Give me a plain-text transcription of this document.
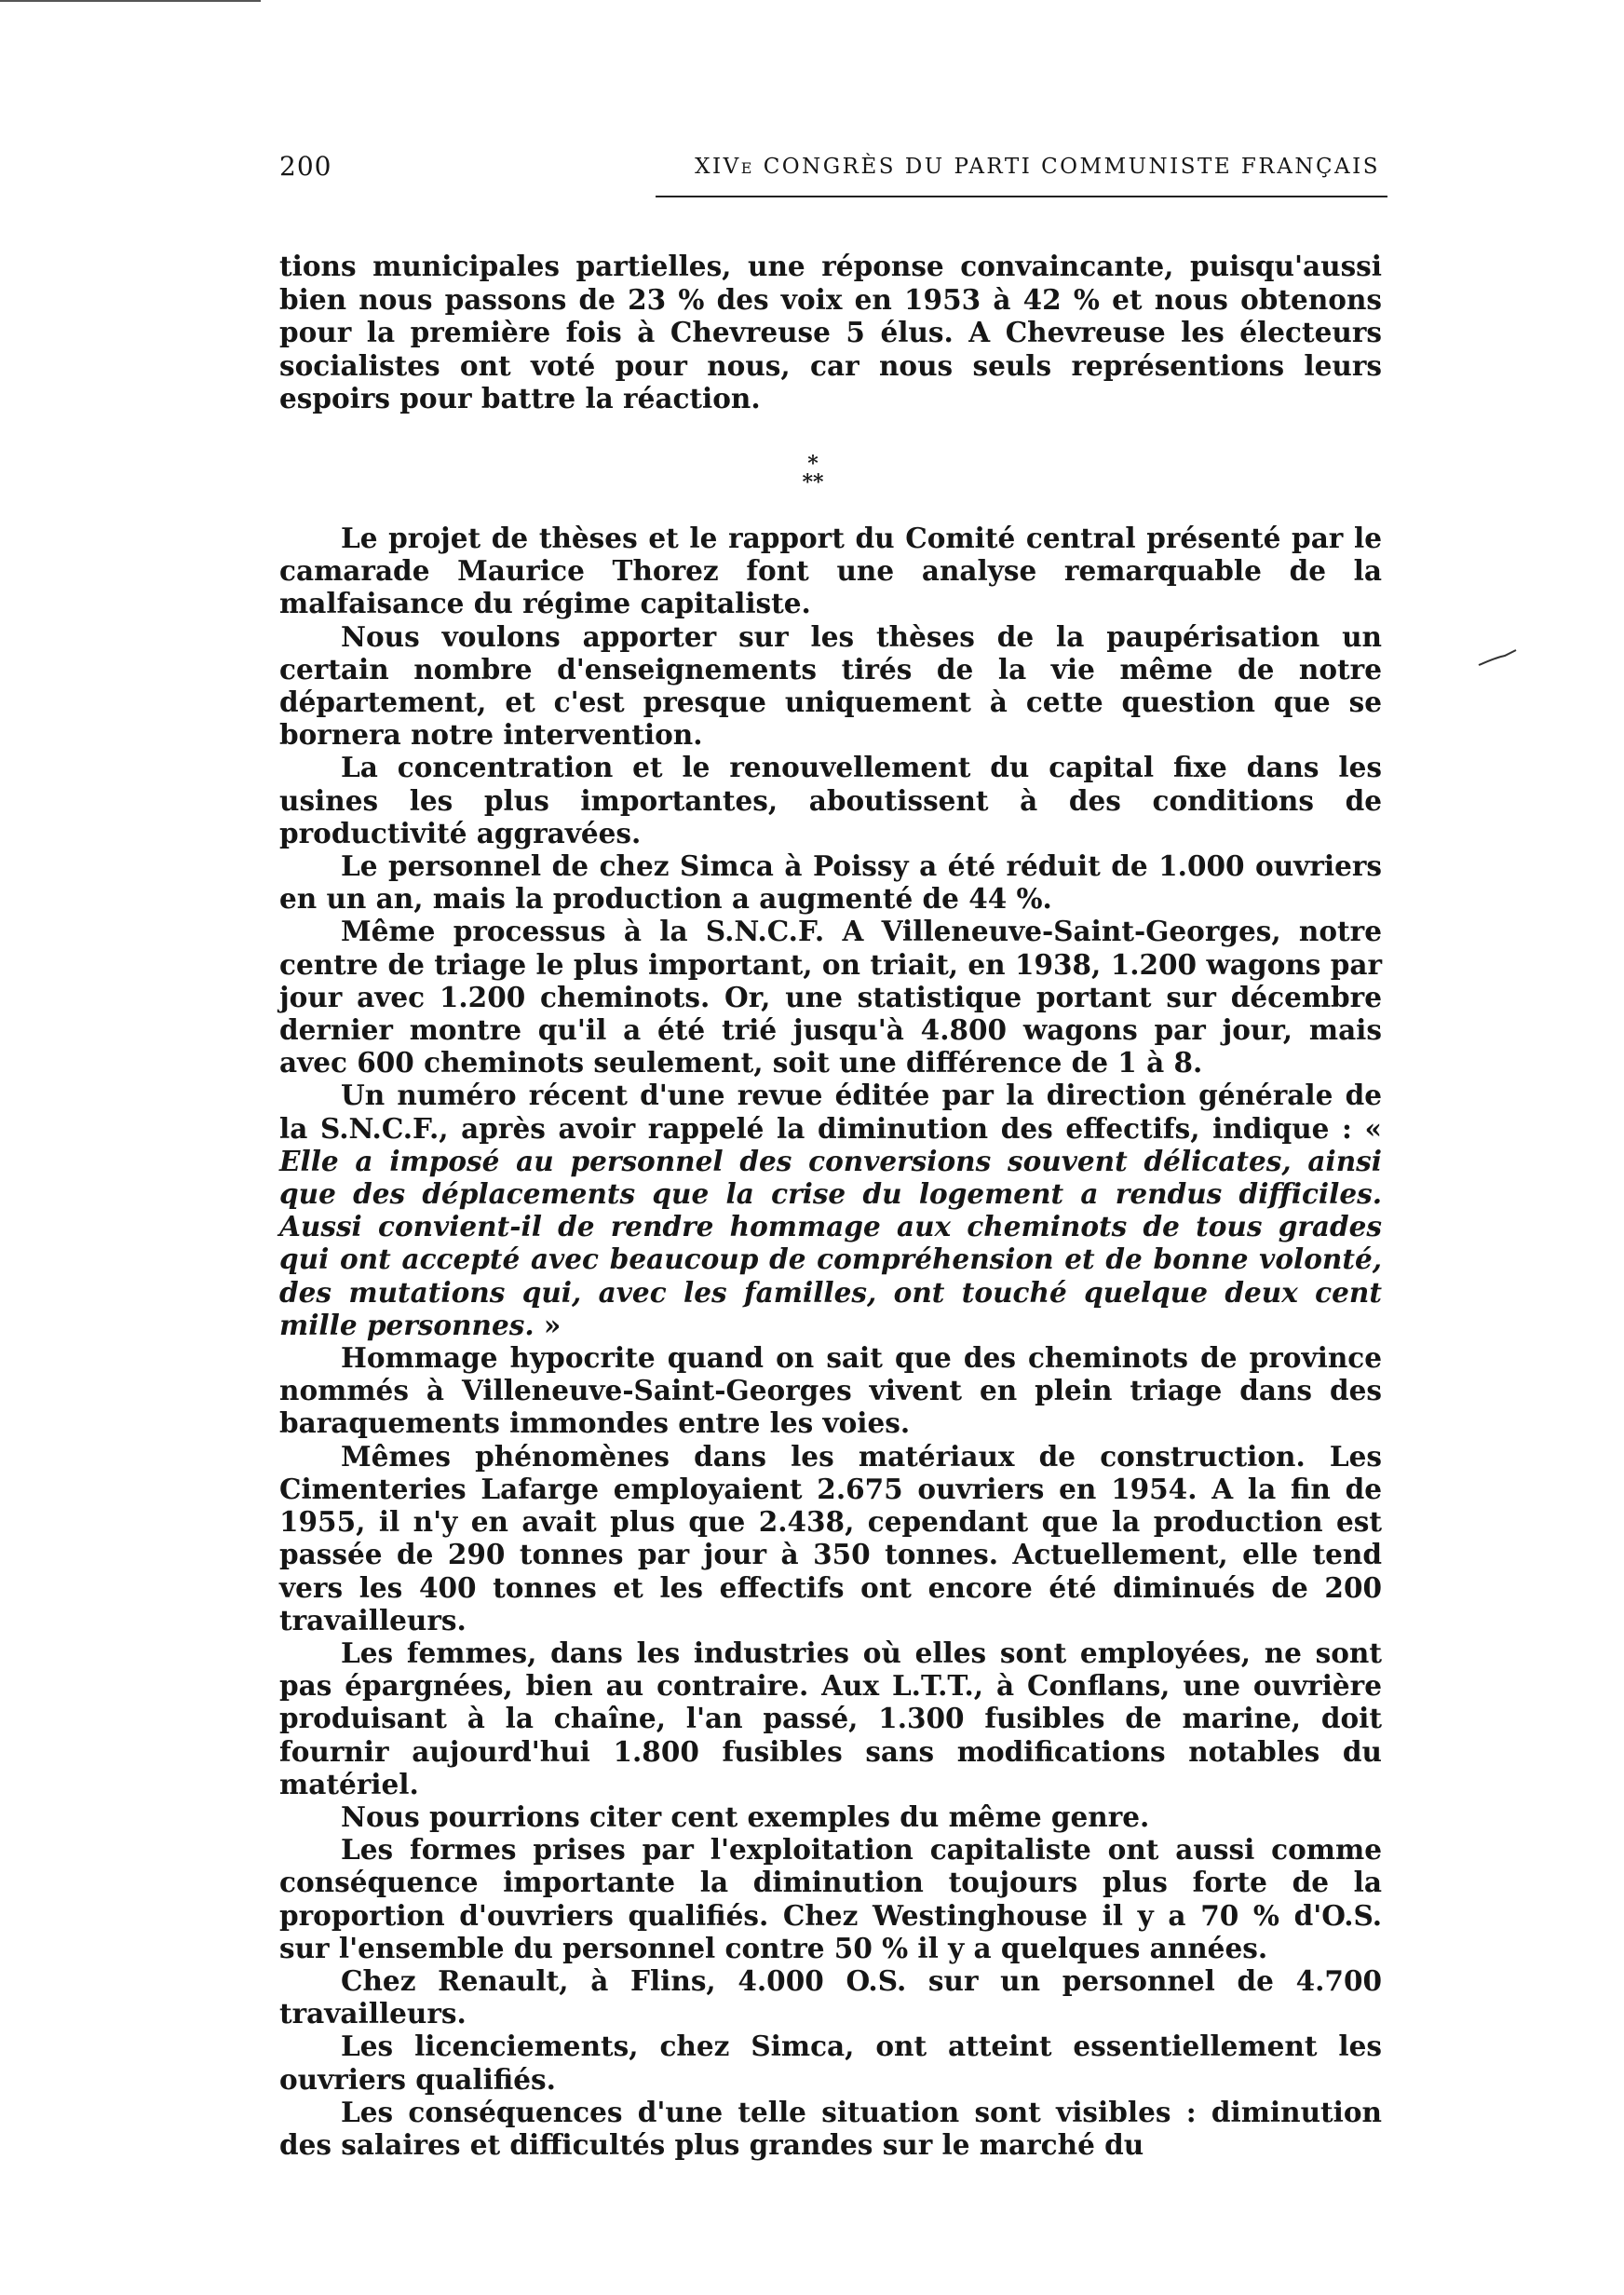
200	XIVe CONGRÈS DU PARTI COMMUNISTE FRANÇAIS

tions municipales partielles, une réponse convaincante, puisqu'aussi bien nous passons de 23 % des voix en 1953 à 42 % et nous obtenons pour la première fois à Chevreuse 5 élus. A Chevreuse les électeurs socialistes ont voté pour nous, car nous seuls représentions leurs espoirs pour battre la réaction.

*
**

Le projet de thèses et le rapport du Comité central présenté par le camarade Maurice Thorez font une analyse remarquable de la malfaisance du régime capitaliste.

Nous voulons apporter sur les thèses de la paupérisation un certain nombre d'enseignements tirés de la vie même de notre département, et c'est presque uniquement à cette question que se bornera notre intervention.

La concentration et le renouvellement du capital fixe dans les usines les plus importantes, aboutissent à des conditions de productivité aggravées.

Le personnel de chez Simca à Poissy a été réduit de 1.000 ouvriers en un an, mais la production a augmenté de 44 %.

Même processus à la S.N.C.F. A Villeneuve-Saint-Georges, notre centre de triage le plus important, on triait, en 1938, 1.200 wagons par jour avec 1.200 cheminots. Or, une statistique portant sur décembre dernier montre qu'il a été trié jusqu'à 4.800 wagons par jour, mais avec 600 cheminots seulement, soit une différence de 1 à 8.

Un numéro récent d'une revue éditée par la direction générale de la S.N.C.F., après avoir rappelé la diminution des effectifs, indique : « Elle a imposé au personnel des conversions souvent délicates, ainsi que des déplacements que la crise du logement a rendus difficiles. Aussi convient-il de rendre hommage aux cheminots de tous grades qui ont accepté avec beaucoup de compréhension et de bonne volonté, des mutations qui, avec les familles, ont touché quelque deux cent mille personnes. »

Hommage hypocrite quand on sait que des cheminots de province nommés à Villeneuve-Saint-Georges vivent en plein triage dans des baraquements immondes entre les voies.

Mêmes phénomènes dans les matériaux de construction. Les Cimenteries Lafarge employaient 2.675 ouvriers en 1954. A la fin de 1955, il n'y en avait plus que 2.438, cependant que la production est passée de 290 tonnes par jour à 350 tonnes. Actuellement, elle tend vers les 400 tonnes et les effectifs ont encore été diminués de 200 travailleurs.

Les femmes, dans les industries où elles sont employées, ne sont pas épargnées, bien au contraire. Aux L.T.T., à Conflans, une ouvrière produisant à la chaîne, l'an passé, 1.300 fusibles de marine, doit fournir aujourd'hui 1.800 fusibles sans modifications notables du matériel.

Nous pourrions citer cent exemples du même genre.

Les formes prises par l'exploitation capitaliste ont aussi comme conséquence importante la diminution toujours plus forte de la proportion d'ouvriers qualifiés. Chez Westinghouse il y a 70 % d'O.S. sur l'ensemble du personnel contre 50 % il y a quelques années.

Chez Renault, à Flins, 4.000 O.S. sur un personnel de 4.700 travailleurs.

Les licenciements, chez Simca, ont atteint essentiellement les ouvriers qualifiés.

Les conséquences d'une telle situation sont visibles : diminution des salaires et difficultés plus grandes sur le marché du
